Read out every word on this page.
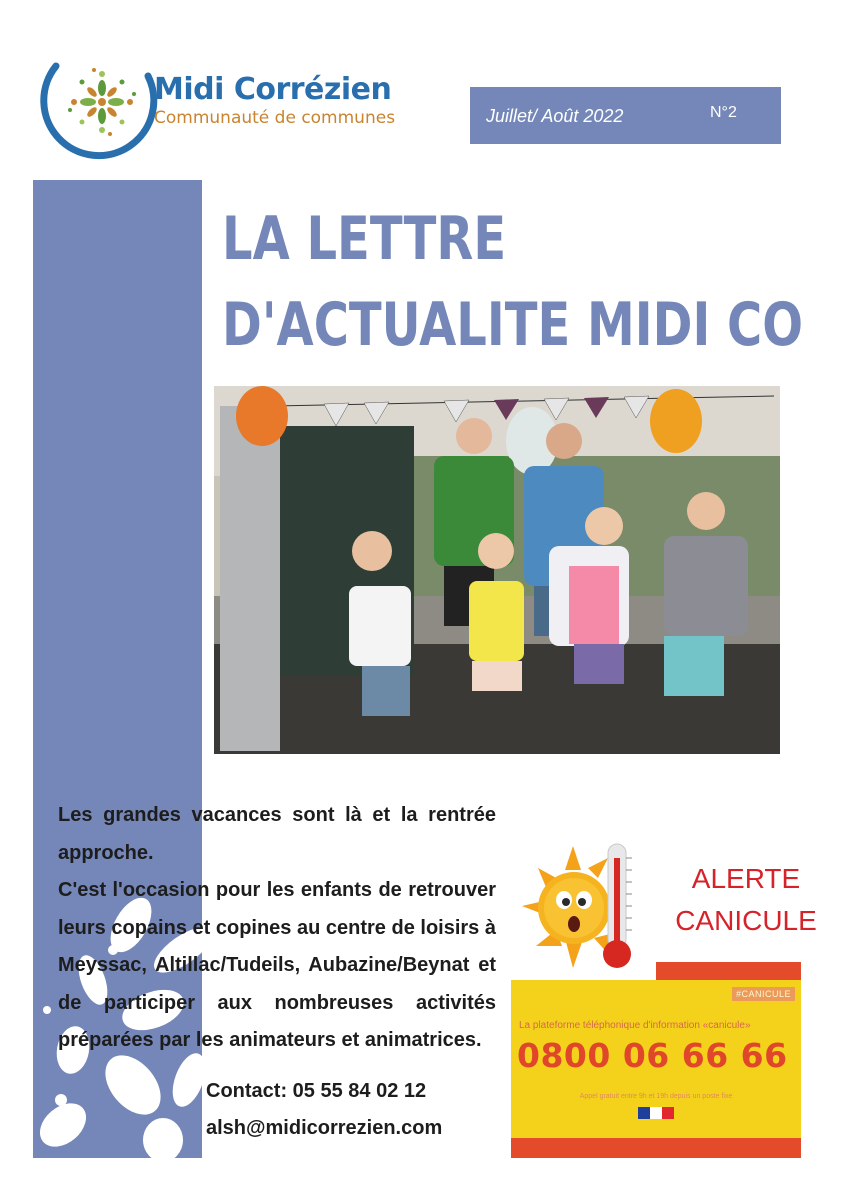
Midi Corrézien
Communauté de communes	Juillet/ Août 2022	N°2
LA LETTRE
D'ACTUALITE MIDI CO

Les grandes vacances sont là et la rentrée approche.

C'est l'occasion pour les enfants de retrouver leurs copains et copines au centre de loisirs à Meyssac, Altillac/Tudeils, Aubazine/Beynat et de participer aux nombreuses activités préparées par les animateurs et animatrices.

Contact: 05 55 84 02 12
alsh@midicorrezien.com
ALERTE
CANICULE
#CANICULE
La plateforme téléphonique d'information «canicule»
0800 06 66 66
Appel gratuit entre 9h et 19h depuis un poste fixe
